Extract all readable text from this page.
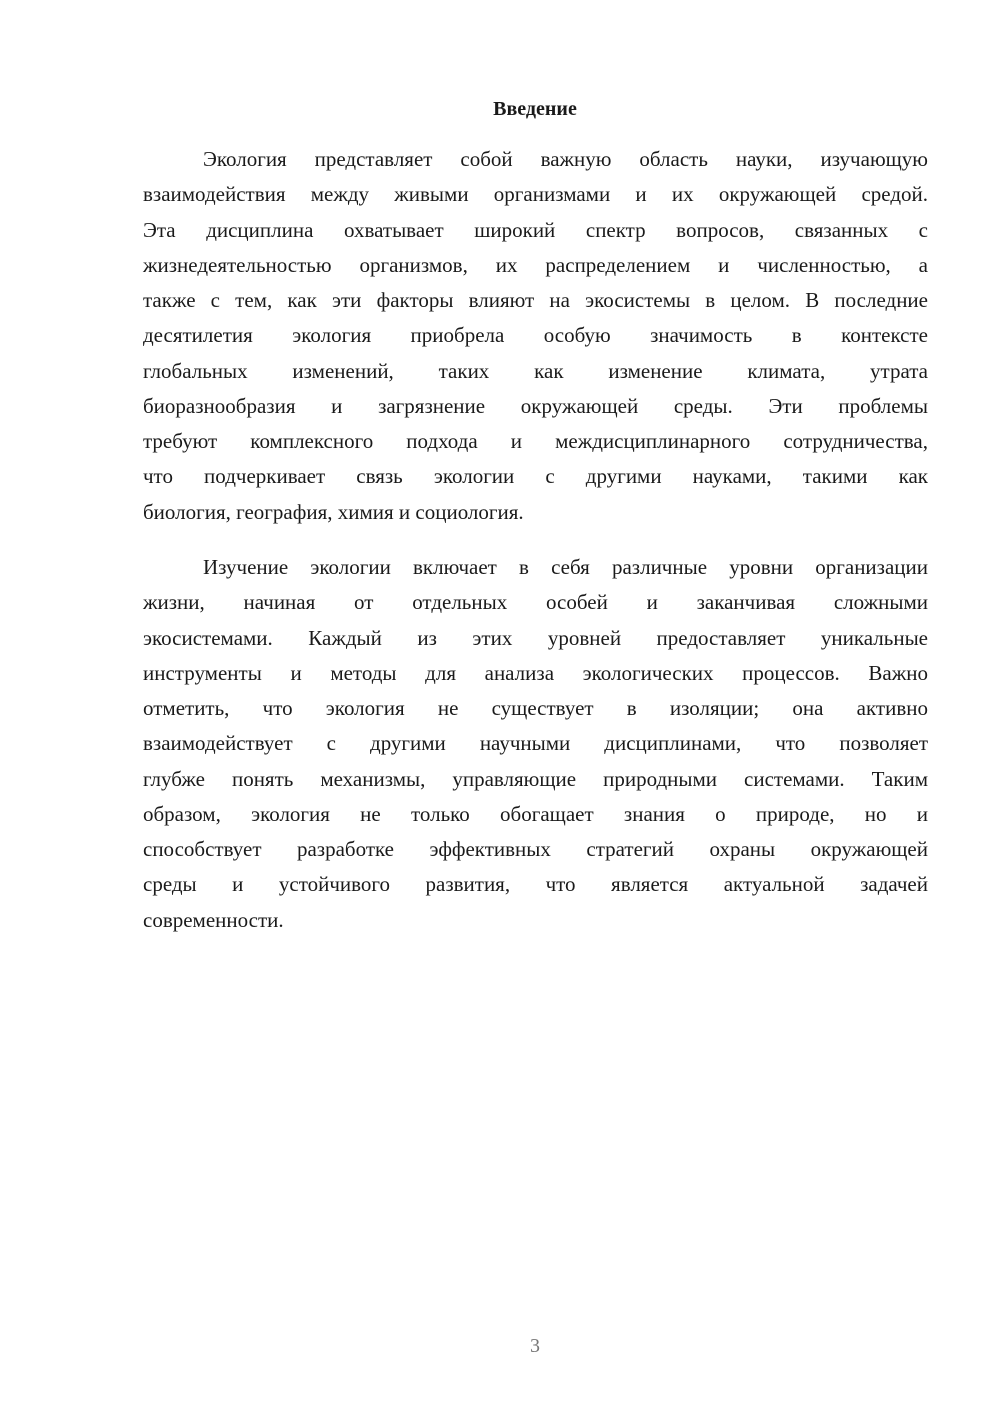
Введение
Экология представляет собой важную область науки, изучающую
взаимодействия между живыми организмами и их окружающей средой.
Эта дисциплина охватывает широкий спектр вопросов, связанных с
жизнедеятельностью организмов, их распределением и численностью, а
также с тем, как эти факторы влияют на экосистемы в целом. В последние
десятилетия экология приобрела особую значимость в контексте
глобальных изменений, таких как изменение климата, утрата
биоразнообразия и загрязнение окружающей среды. Эти проблемы
требуют комплексного подхода и междисциплинарного сотрудничества,
что подчеркивает связь экологии с другими науками, такими как
биология, география, химия и социология.
Изучение экологии включает в себя различные уровни организации
жизни, начиная от отдельных особей и заканчивая сложными
экосистемами. Каждый из этих уровней предоставляет уникальные
инструменты и методы для анализа экологических процессов. Важно
отметить, что экология не существует в изоляции; она активно
взаимодействует с другими научными дисциплинами, что позволяет
глубже понять механизмы, управляющие природными системами. Таким
образом, экология не только обогащает знания о природе, но и
способствует разработке эффективных стратегий охраны окружающей
среды и устойчивого развития, что является актуальной задачей
современности.
3
